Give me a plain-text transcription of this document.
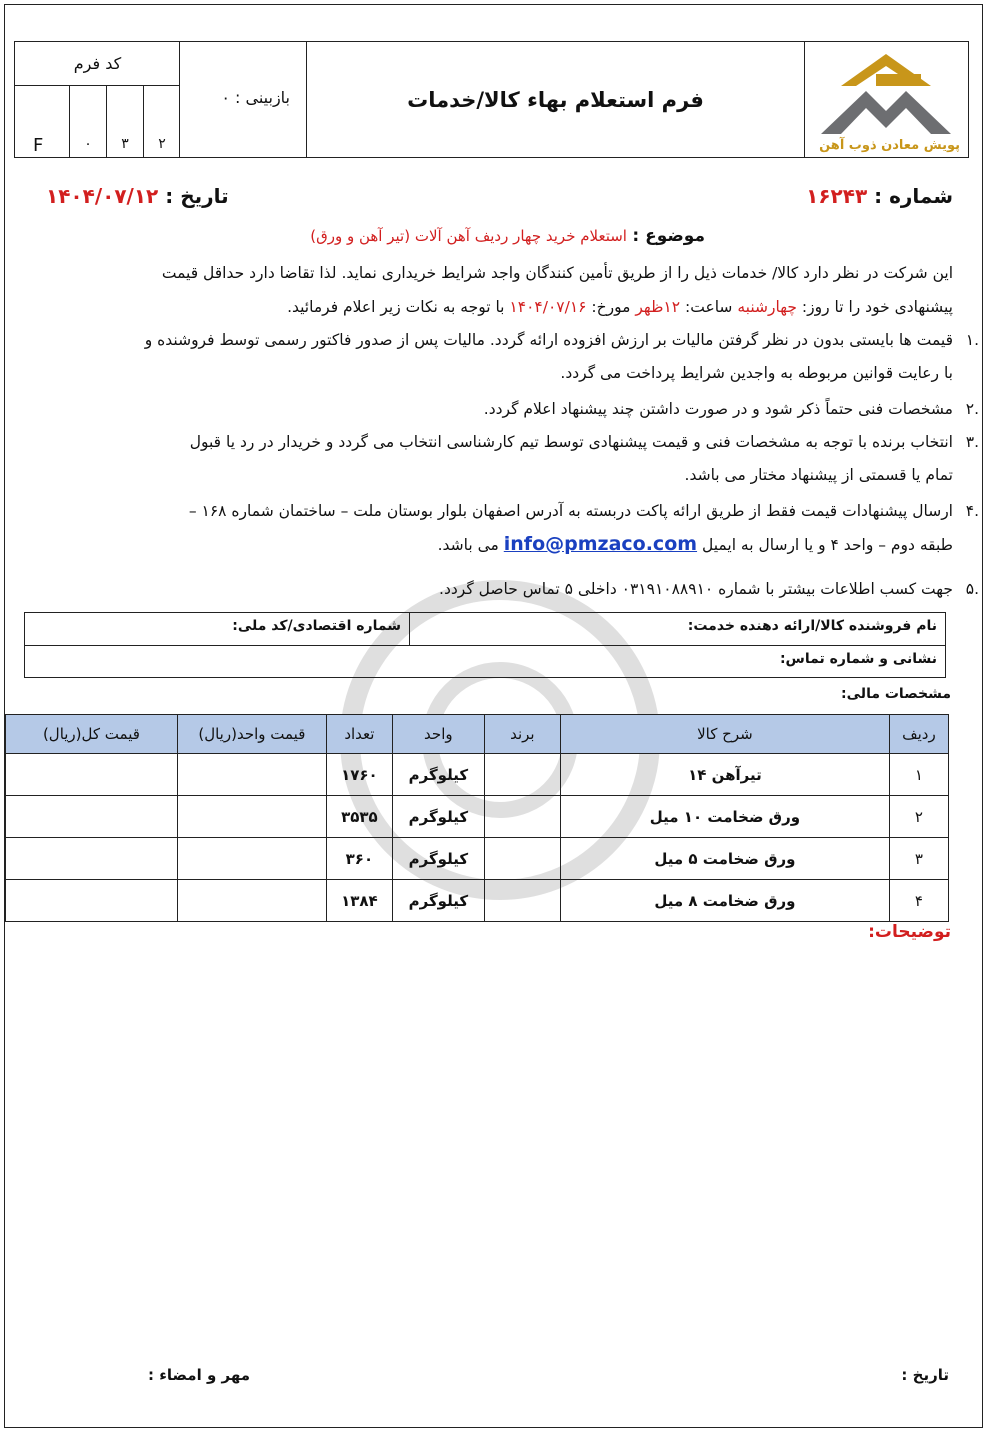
پویش معادن ذوب آهن
فرم استعلام بهاء کالا/خدمات
بازبینی : ۰
کد فرم
F	۰	۳	۲
شماره : ۱۶۲۴۳
تاریخ : ۱۴۰۴/۰۷/۱۲
موضوع : استعلام خرید چهار ردیف آهن آلات (تیر آهن و ورق)
این شرکت در نظر دارد کالا/ خدمات ذیل را از طریق تأمین کنندگان واجد شرایط خریداری نماید. لذا تقاضا دارد حداقل قیمت
پیشنهادی خود را تا روز: چهارشنبه ساعت: ۱۲ظهر مورخ: ۱۴۰۴/۰۷/۱۶ با توجه به نکات زیر اعلام فرمائید.
.۱
قیمت ها بایستی بدون در نظر گرفتن مالیات بر ارزش افزوده ارائه گردد. مالیات پس از صدور فاکتور رسمی توسط فروشنده و
با رعایت قوانین مربوطه به واجدین شرایط پرداخت می گردد.
.۲
مشخصات فنی حتماً ذکر شود و در صورت داشتن چند پیشنهاد اعلام گردد.
.۳
انتخاب برنده با توجه به مشخصات فنی و قیمت پیشنهادی توسط تیم کارشناسی انتخاب می گردد و خریدار در رد یا قبول
تمام یا قسمتی از پیشنهاد مختار می باشد.
.۴
ارسال پیشنهادات قیمت فقط از طریق ارائه پاکت دربسته به آدرس اصفهان بلوار بوستان ملت – ساختمان شماره ۱۶۸ –
طبقه دوم – واحد ۴ و یا ارسال به ایمیل info@pmzaco.com می باشد.
.۵
جهت کسب اطلاعات بیشتر با شماره ۰۳۱۹۱۰۸۸۹۱۰ داخلی ۵ تماس حاصل گردد.
نام فروشنده کالا/ارائه دهنده خدمت:
شماره اقتصادی/کد ملی:
نشانی و شماره تماس:
مشخصات مالی:
ردیف	شرح کالا	برند	واحد	تعداد	قیمت واحد(ریال)	قیمت کل(ریال)
۱	تیرآهن ۱۴		کیلوگرم	۱۷۶۰		
۲	ورق ضخامت ۱۰ میل		کیلوگرم	۳۵۳۵		
۳	ورق ضخامت ۵ میل		کیلوگرم	۳۶۰		
۴	ورق ضخامت ۸ میل		کیلوگرم	۱۳۸۴		
توضیحات:
تاریخ :
مهر و امضاء :
